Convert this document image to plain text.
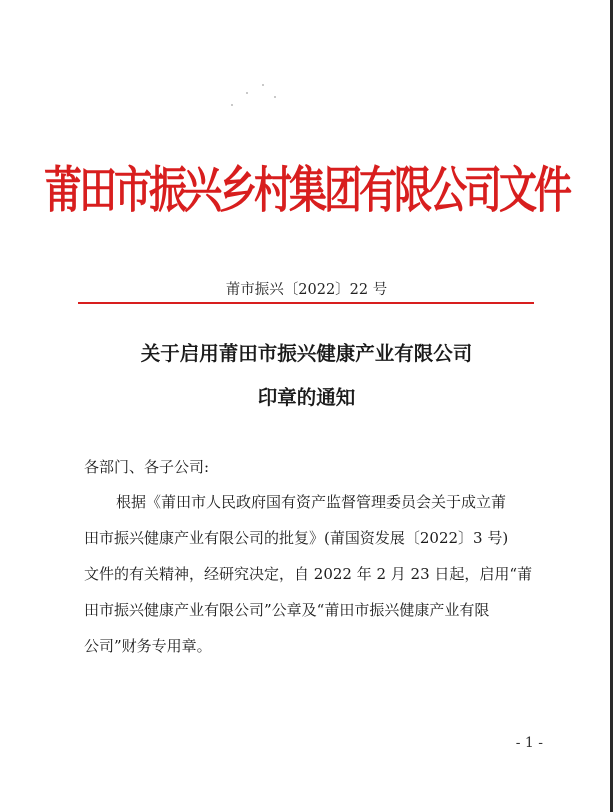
莆田市振兴乡村集团有限公司文件
莆市振兴〔2022〕22 号
关于启用莆田市振兴健康产业有限公司
印章的通知
各部门、各子公司:
根据《莆田市人民政府国有资产监督管理委员会关于成立莆
田市振兴健康产业有限公司的批复》(莆国资发展〔2022〕3 号)
文件的有关精神，经研究决定，自 2022 年 2 月 23 日起，启用“莆
田市振兴健康产业有限公司”公章及“莆田市振兴健康产业有限
公司”财务专用章。
- 1 -
